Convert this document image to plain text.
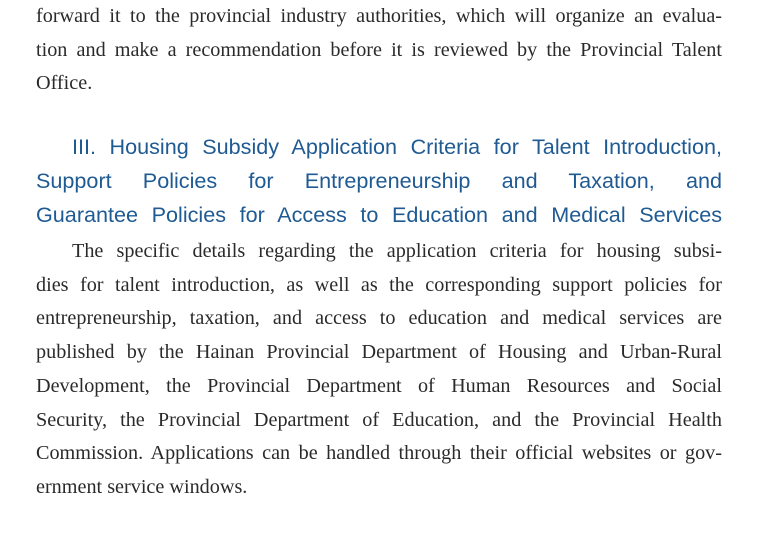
forward it to the provincial industry authorities, which will organize an evalua-
tion and make a recommendation before it is reviewed by the Provincial Talent
Office.
III. Housing Subsidy Application Criteria for Talent Introduction,
Support Policies for Entrepreneurship and Taxation, and
Guarantee Policies for Access to Education and Medical Services
The specific details regarding the application criteria for housing subsi-
dies for talent introduction, as well as the corresponding support policies for
entrepreneurship, taxation, and access to education and medical services are
published by the Hainan Provincial Department of Housing and Urban-Rural
Development, the Provincial Department of Human Resources and Social
Security, the Provincial Department of Education, and the Provincial Health
Commission. Applications can be handled through their official websites or gov-
ernment service windows.
